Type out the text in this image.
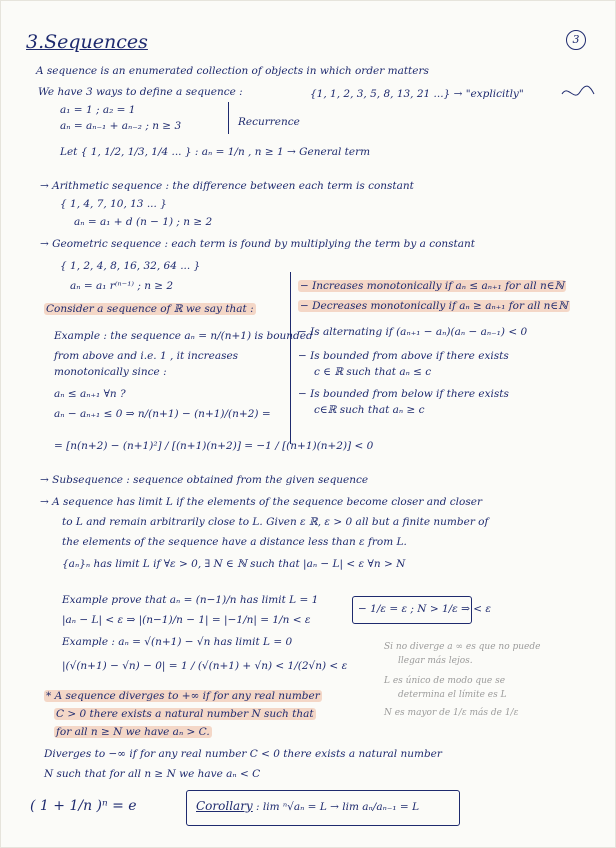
3.Sequences	3
A sequence is an enumerated collection of objects in which order matters
We have 3 ways to define a sequence :	{1, 1, 2, 3, 5, 8, 13, 21 ...} → "explicitly"
a₁ = 1 ; a₂ = 1
aₙ = aₙ₋₁ + aₙ₋₂ ; n ≥ 3	Recurrence
Let { 1, 1/2, 1/3, 1/4 ... } : aₙ = 1/n , n ≥ 1 → General term
→ Arithmetic sequence : the difference between each term is constant
{ 1, 4, 7, 10, 13 ... }
aₙ = a₁ + d (n − 1) ; n ≥ 2
→ Geometric sequence : each term is found by multiplying the term by a constant
{ 1, 2, 4, 8, 16, 32, 64 ... }
aₙ = a₁ r⁽ⁿ⁻¹⁾ ; n ≥ 2
Consider a sequence of ℝ we say that :
Example : the sequence aₙ = n/(n+1) is bounded
from above and i.e. 1 , it increases
monotonically since :
aₙ ≤ aₙ₊₁ ∀n ?
aₙ − aₙ₊₁ ≤ 0 ⇒ n/(n+1) − (n+1)/(n+2) =
= [n(n+2) − (n+1)²] / [(n+1)(n+2)] = −1 / [(n+1)(n+2)] < 0
− Increases monotonically if aₙ ≤ aₙ₊₁ for all n∈ℕ
− Decreases monotonically if aₙ ≥ aₙ₊₁ for all n∈ℕ
− Is alternating if (aₙ₊₁ − aₙ)(aₙ − aₙ₋₁) < 0
− Is bounded from above if there exists
c ∈ ℝ such that aₙ ≤ c
− Is bounded from below if there exists
c∈ℝ such that aₙ ≥ c
→ Subsequence : sequence obtained from the given sequence
→ A sequence has limit L if the elements of the sequence become closer and closer
to L and remain arbitrarily close to L. Given ε ℝ, ε > 0 all but a finite number of
the elements of the sequence have a distance less than ε from L.
{aₙ}ₙ has limit L if ∀ε > 0, ∃ N ∈ ℕ such that |aₙ − L| < ε ∀n > N
Example prove that aₙ = (n−1)/n has limit L = 1
|aₙ − L| < ε ⇒ |(n−1)/n − 1| = |−1/n| = 1/n < ε
− 1/ε = ε ; N > 1/ε ⇒ < ε
Example : aₙ = √(n+1) − √n has limit L = 0
|(√(n+1) − √n) − 0| = 1 / (√(n+1) + √n) < 1/(2√n) < ε
Si no diverge a ∞ es que no puede
llegar más lejos.
L es único de modo que se
determina el límite es L
N es mayor de 1/ε más de 1/ε
* A sequence diverges to +∞ if for any real number
C > 0 there exists a natural number N such that
for all n ≥ N we have aₙ > C.
Diverges to −∞ if for any real number C < 0 there exists a natural number
N such that for all n ≥ N we have aₙ < C
( 1 + 1/n )ⁿ = e	Corollary : lim ⁿ√aₙ = L → lim aₙ/aₙ₋₁ = L
